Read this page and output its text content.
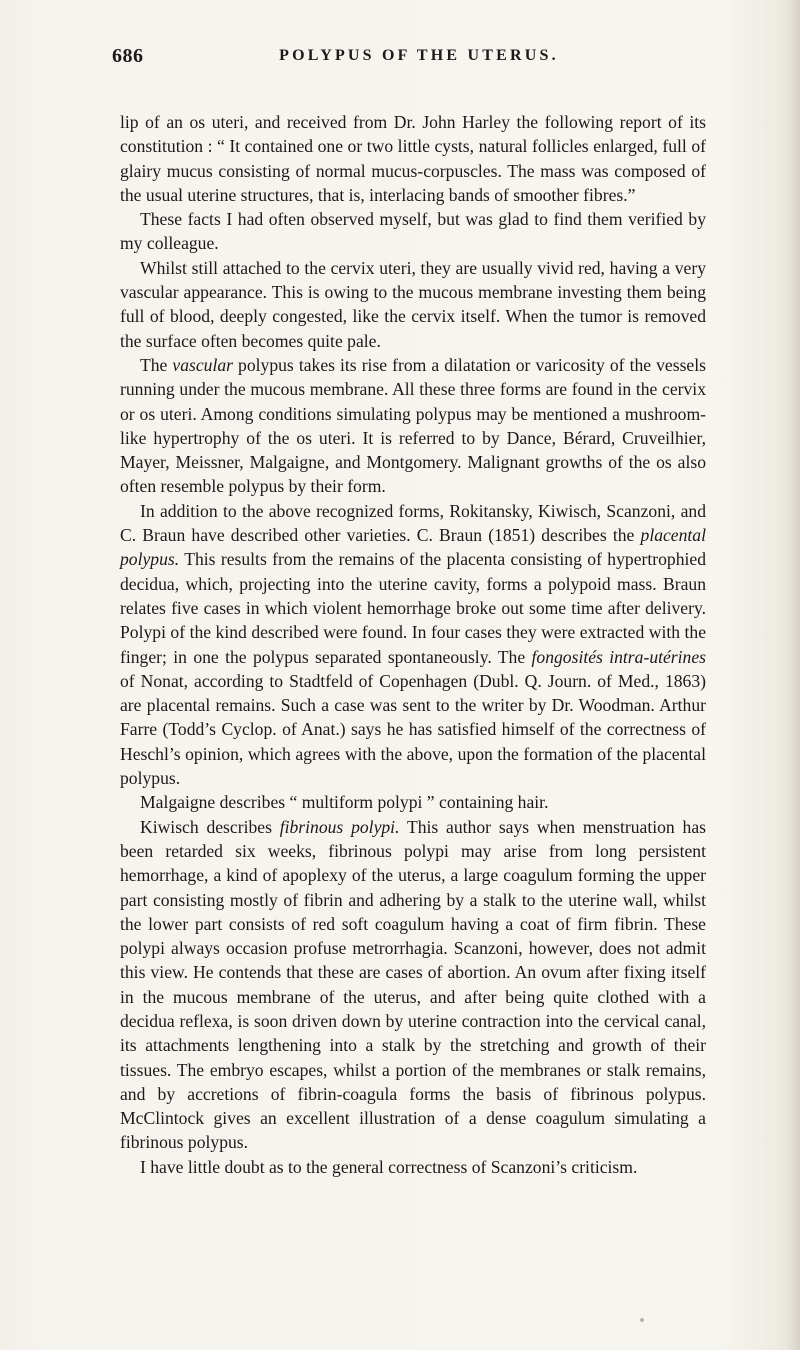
686	POLYPUS OF THE UTERUS.

lip of an os uteri, and received from Dr. John Harley the following report of its constitution : “ It contained one or two little cysts, natural follicles enlarged, full of glairy mucus consisting of normal mucus-corpuscles. The mass was composed of the usual uterine structures, that is, interlacing bands of smoother fibres.”

These facts I had often observed myself, but was glad to find them verified by my colleague.

Whilst still attached to the cervix uteri, they are usually vivid red, having a very vascular appearance. This is owing to the mucous membrane investing them being full of blood, deeply congested, like the cervix itself. When the tumor is removed the surface often becomes quite pale.

The vascular polypus takes its rise from a dilatation or varicosity of the vessels running under the mucous membrane. All these three forms are found in the cervix or os uteri. Among conditions simulating polypus may be mentioned a mushroom-like hypertrophy of the os uteri. It is referred to by Dance, Bérard, Cruveilhier, Mayer, Meissner, Malgaigne, and Montgomery. Malignant growths of the os also often resemble polypus by their form.

In addition to the above recognized forms, Rokitansky, Kiwisch, Scanzoni, and C. Braun have described other varieties. C. Braun (1851) describes the placental polypus. This results from the remains of the placenta consisting of hypertrophied decidua, which, projecting into the uterine cavity, forms a polypoid mass. Braun relates five cases in which violent hemorrhage broke out some time after delivery. Polypi of the kind described were found. In four cases they were extracted with the finger; in one the polypus separated spontaneously. The fongosités intra-utérines of Nonat, according to Stadtfeld of Copenhagen (Dubl. Q. Journ. of Med., 1863) are placental remains. Such a case was sent to the writer by Dr. Woodman. Arthur Farre (Todd’s Cyclop. of Anat.) says he has satisfied himself of the correctness of Heschl’s opinion, which agrees with the above, upon the formation of the placental polypus.

Malgaigne describes “ multiform polypi ” containing hair.

Kiwisch describes fibrinous polypi. This author says when menstruation has been retarded six weeks, fibrinous polypi may arise from long persistent hemorrhage, a kind of apoplexy of the uterus, a large coagulum forming the upper part consisting mostly of fibrin and adhering by a stalk to the uterine wall, whilst the lower part consists of red soft coagulum having a coat of firm fibrin. These polypi always occasion profuse metrorrhagia. Scanzoni, however, does not admit this view. He contends that these are cases of abortion. An ovum after fixing itself in the mucous membrane of the uterus, and after being quite clothed with a decidua reflexa, is soon driven down by uterine contraction into the cervical canal, its attachments lengthening into a stalk by the stretching and growth of their tissues. The embryo escapes, whilst a portion of the membranes or stalk remains, and by accretions of fibrin-coagula forms the basis of fibrinous polypus. McClintock gives an excellent illustration of a dense coagulum simulating a fibrinous polypus.

I have little doubt as to the general correctness of Scanzoni’s criticism.
